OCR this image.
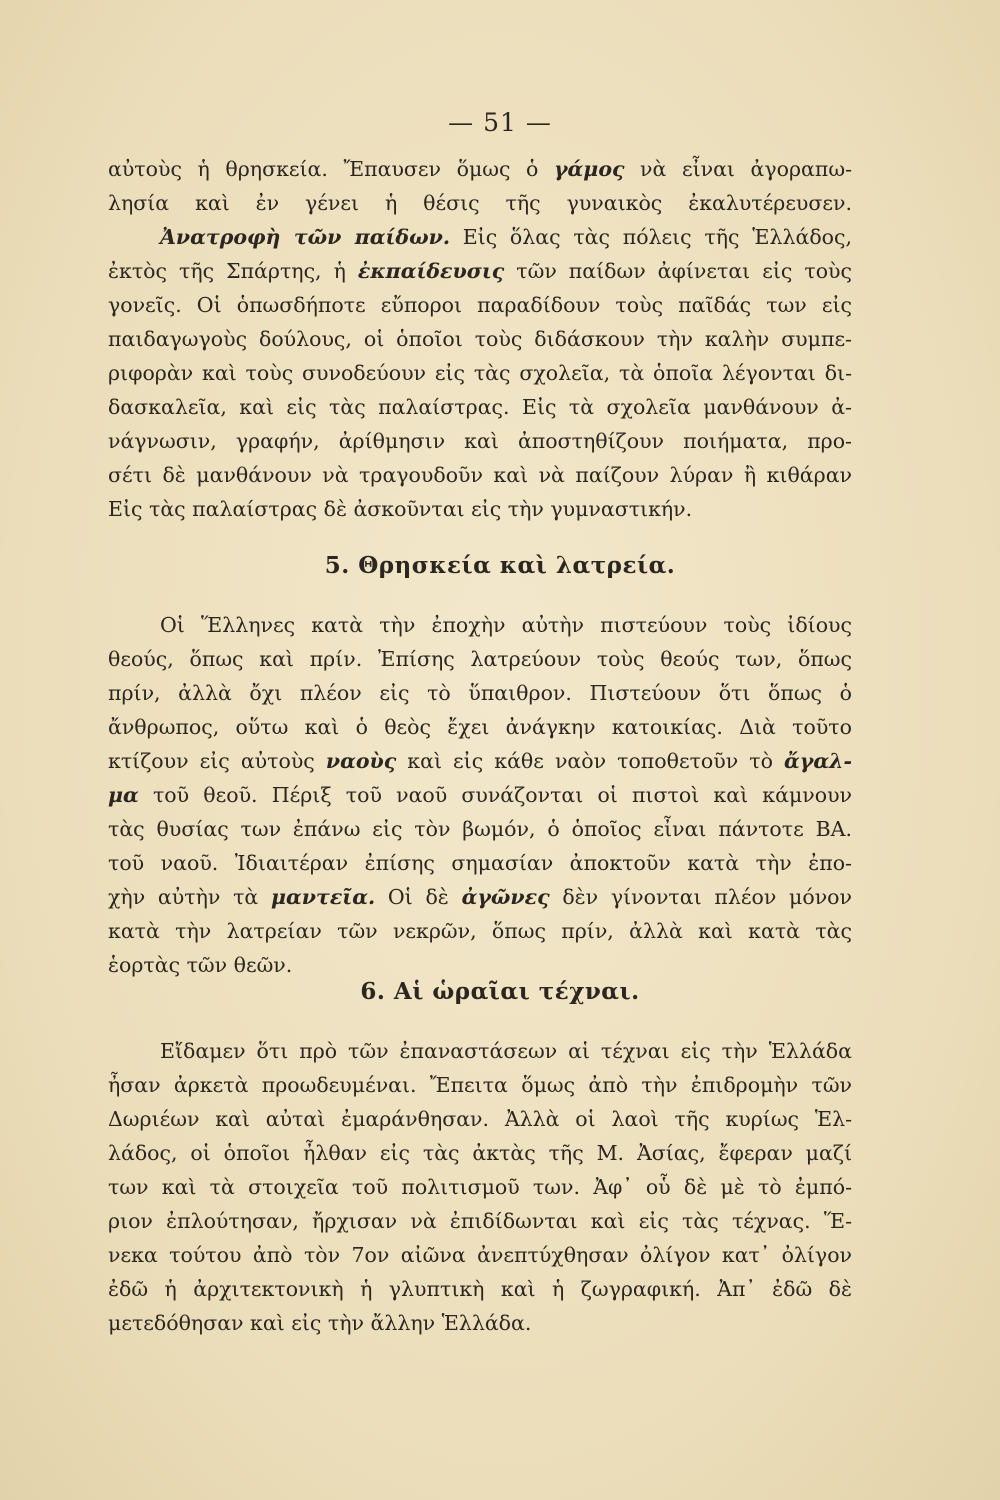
— 51 —
αὐτοὺς ἡ θρησκεία. Ἔπαυσεν ὅμως ὁ γάμος νὰ εἶναι ἀγοραπω-
λησία καὶ ἐν γένει ἡ θέσις τῆς γυναικὸς ἐκαλυτέρευσεν.
Ἀνατροφὴ τῶν παίδων. Εἰς ὅλας τὰς πόλεις τῆς Ἑλλάδος,
ἐκτὸς τῆς Σπάρτης, ἡ ἐκπαίδευσις τῶν παίδων ἀφίνεται εἰς τοὺς
γονεῖς. Οἱ ὁπωσδήποτε εὔποροι παραδίδουν τοὺς παῖδάς των εἰς
παιδαγωγοὺς δούλους, οἱ ὁποῖοι τοὺς διδάσκουν τὴν καλὴν συμπε-
ριφορὰν καὶ τοὺς συνοδεύουν εἰς τὰς σχολεῖα, τὰ ὁποῖα λέγονται δι-
δασκαλεῖα, καὶ εἰς τὰς παλαίστρας. Εἰς τὰ σχολεῖα μανθάνουν ἀ-
νάγνωσιν, γραφήν, ἀρίθμησιν καὶ ἀποστηθίζουν ποιήματα, προ-
σέτι δὲ μανθάνουν νὰ τραγουδοῦν καὶ νὰ παίζουν λύραν ἢ κιθάραν
Εἰς τὰς παλαίστρας δὲ ἀσκοῦνται εἰς τὴν γυμναστικήν.
5. Θρησκεία καὶ λατρεία.
Οἱ Ἕλληνες κατὰ τὴν ἐποχὴν αὐτὴν πιστεύουν τοὺς ἰδίους
θεούς, ὅπως καὶ πρίν. Ἐπίσης λατρεύουν τοὺς θεούς των, ὅπως
πρίν, ἀλλὰ ὄχι πλέον εἰς τὸ ὕπαιθρον. Πιστεύουν ὅτι ὅπως ὁ
ἄνθρωπος, οὕτω καὶ ὁ θεὸς ἔχει ἀνάγκην κατοικίας. Διὰ τοῦτο
κτίζουν εἰς αὐτοὺς ναοὺς καὶ εἰς κάθε ναὸν τοποθετοῦν τὸ ἄγαλ-
μα τοῦ θεοῦ. Πέριξ τοῦ ναοῦ συνάζονται οἱ πιστοὶ καὶ κάμνουν
τὰς θυσίας των ἐπάνω εἰς τὸν βωμόν, ὁ ὁποῖος εἶναι πάντοτε ΒΑ.
τοῦ ναοῦ. Ἰδιαιτέραν ἐπίσης σημασίαν ἀποκτοῦν κατὰ τὴν ἐπο-
χὴν αὐτὴν τὰ μαντεῖα. Οἱ δὲ ἀγῶνες δὲν γίνονται πλέον μόνον
κατὰ τὴν λατρείαν τῶν νεκρῶν, ὅπως πρίν, ἀλλὰ καὶ κατὰ τὰς
ἑορτὰς τῶν θεῶν.
6. Αἱ ὡραῖαι τέχναι.
Εἴδαμεν ὅτι πρὸ τῶν ἐπαναστάσεων αἱ τέχναι εἰς τὴν Ἑλλάδα
ἦσαν ἀρκετὰ προωδευμέναι. Ἔπειτα ὅμως ἀπὸ τὴν ἐπιδρομὴν τῶν
Δωριέων καὶ αὐταὶ ἐμαράνθησαν. Ἀλλὰ οἱ λαοὶ τῆς κυρίως Ἑλ-
λάδος, οἱ ὁποῖοι ἦλθαν εἰς τὰς ἀκτὰς τῆς Μ. Ἀσίας, ἔφεραν μαζί
των καὶ τὰ στοιχεῖα τοῦ πολιτισμοῦ των. Ἀφ᾽ οὗ δὲ μὲ τὸ ἐμπό-
ριον ἐπλούτησαν, ἤρχισαν νὰ ἐπιδίδωνται καὶ εἰς τὰς τέχνας. Ἕ-
νεκα τούτου ἀπὸ τὸν 7ον αἰῶνα ἀνεπτύχθησαν ὀλίγον κατ᾽ ὀλίγον
ἐδῶ ἡ ἀρχιτεκτονικὴ ἡ γλυπτικὴ καὶ ἡ ζωγραφική. Ἀπ᾽ ἐδῶ δὲ
μετεδόθησαν καὶ εἰς τὴν ἄλλην Ἑλλάδα.
